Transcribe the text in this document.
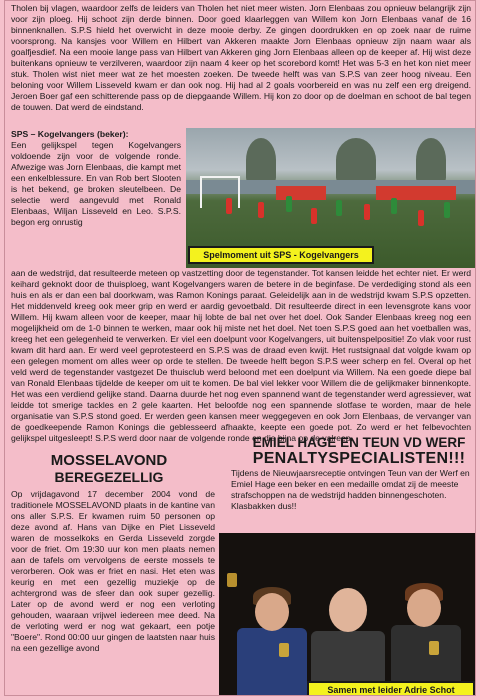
Tholen bij vlagen, waardoor zelfs de leiders van Tholen het niet meer wisten. Jorn Elenbaas zou opnieuw belangrijk zijn voor zijn ploeg. Hij schoot zijn derde binnen. Door goed klaarleggen van Willem kon Jorn Elenbaas vanaf de 16 binnenknallen. S.P.S hield het overwicht in deze mooie derby. Ze gingen doordrukken en op zoek naar de ruime voorsprong. Na kansjes voor Willem en Hilbert van Akkeren maakte Jorn Elenbaas opnieuw zijn naam waar als goalfjesdief. Na een mooie lange pass van Hilbert van Akkeren ging Jorn Elenbaas alleen op de keeper af. Hij wist deze buitenkans opnieuw te verzilveren, waardoor zijn naam 4 keer op het scorebord komt! Het was 5-3 en het kon niet meer stuk. Tholen wist niet meer wat ze het moesten zoeken. De tweede helft was van S.P.S van zeer hoog niveau. Een beloning voor Willem Lisseveld kwam er dan ook nog. Hij had al 2 goals voorbereid en was nu zelf een erg dreigend. Jeroen Boer gaf een schitterende pass op de diepgaande Willem. Hij kon zo door op de doelman en schoot de bal tegen de touwen. Dat werd de eindstand.

SPS – Kogelvangers (beker):
Een gelijkspel tegen Kogelvangers voldoende zijn voor de volgende ronde. Afwezige was Jorn Elenbaas, die kampt met een enkelblessure. En van Rob bert Slooten is het bekend, ge broken sleutelbeen. De selectie werd aangevuld met Ronald Elenbaas, Wiljan Lisseveld en Leo. S.P.S. begon erg onrustig
Spelmoment uit SPS - Kogelvangers

aan de wedstrijd, dat resulteerde meteen op vastzetting door de tegenstander. Tot kansen leidde het echter niet. Er werd keihard geknokt door de thuisploeg, want Kogelvangers waren de betere in de beginfase. De verdediging stond als een huis en als er dan een bal doorkwam, was Ramon Konings paraat. Geleidelijk aan in de wedstrijd kwam S.P.S opzetten. Het middenveld kreeg ook meer grip en werd er aardig gevoetbald. Dit resulteerde direct in een levensgrote kans voor Willem. Hij kwam alleen voor de keeper, maar hij lobte de bal net over het doel. Ook Sander Elenbaas kreeg nog een mogelijkheid om de 1-0 binnen te werken, maar ook hij miste net het doel. Net toen S.P.S goed aan het voetballen was, kreeg het een gelegenheid te verwerken. Er viel een doelpunt voor Kogelvangers, uit buitenspelpositie! Zo vlak voor rust kwam dit hard aan. Er werd veel geprotesteerd en S.P.S was de draad even kwijt. Het rustsignaal dat volgde kwam op een gelegen moment om alles weer op orde te stellen. De tweede helft begon S.P.S weer scherp en fel. Overal op het veld werd de tegenstander vastgezet De thuisclub werd beloond met een doelpunt via Willem. Na een goede diepe bal van Ronald Elenbaas tijdelde de keeper om uit te komen. De bal viel lekker voor Willem die de gelijkmaker binnenkopte. Het was een verdiend gelijke stand. Daarna duurde het nog even spannend want de tegenstander werd agressiever, wat leidde tot smerige tackles en 2 gele kaarten. Het beloofde nog een spannende slotfase te worden, maar de hele organisatie van S.P.S stond goed. Er werden geen kansen meer weggegeven en ook Jorn Elenbaas, de vervanger van de goedkeepende Ramon Konings die geblesseerd afhaakte, keepte een goede pot. Zo werd er het felbevochten gelijkspel uitgesleept! S.P.S werd door naar de volgende ronde en die bijna op de valreep.

MOSSELAVOND
BEREGEZELLIG

Op vrijdagavond 17 december 2004 vond de traditionele MOSSELAVOND plaats in de kantine van ons aller S.P.S. Er kwamen ruim 50 personen op deze avond af. Hans van Dijke en Piet Lisseveld waren de mosselkoks en Gerda Lisseveld zorgde voor de friet. Om 19:30 uur kon men plaats nemen aan de tafels om vervolgens de eerste mossels te verorberen. Ook was er friet en nasi. Het eten was keurig en met een gezellig muziekje op de achtergrond was de sfeer dan ook super gezellig. Later op de avond werd er nog een verloting gehouden, waaraan vrijwel iedereen mee deed. Na de verloting werd er nog wat gekaart, een potje "Boere". Rond 00:00 uur gingen de laatsten naar huis na een gezellige avond

EMIEL HAGE EN TEUN VD WERF
PENALTYSPECIALISTEN!!!

Tijdens de Nieuwjaarsreceptie ontvingen Teun van der Werf en Emiel Hage een beker en een medaille omdat zij de meeste strafschoppen na de wedstrijd hadden binnengeschoten. Klasbakken dus!!

Samen met leider Adrie Schot
